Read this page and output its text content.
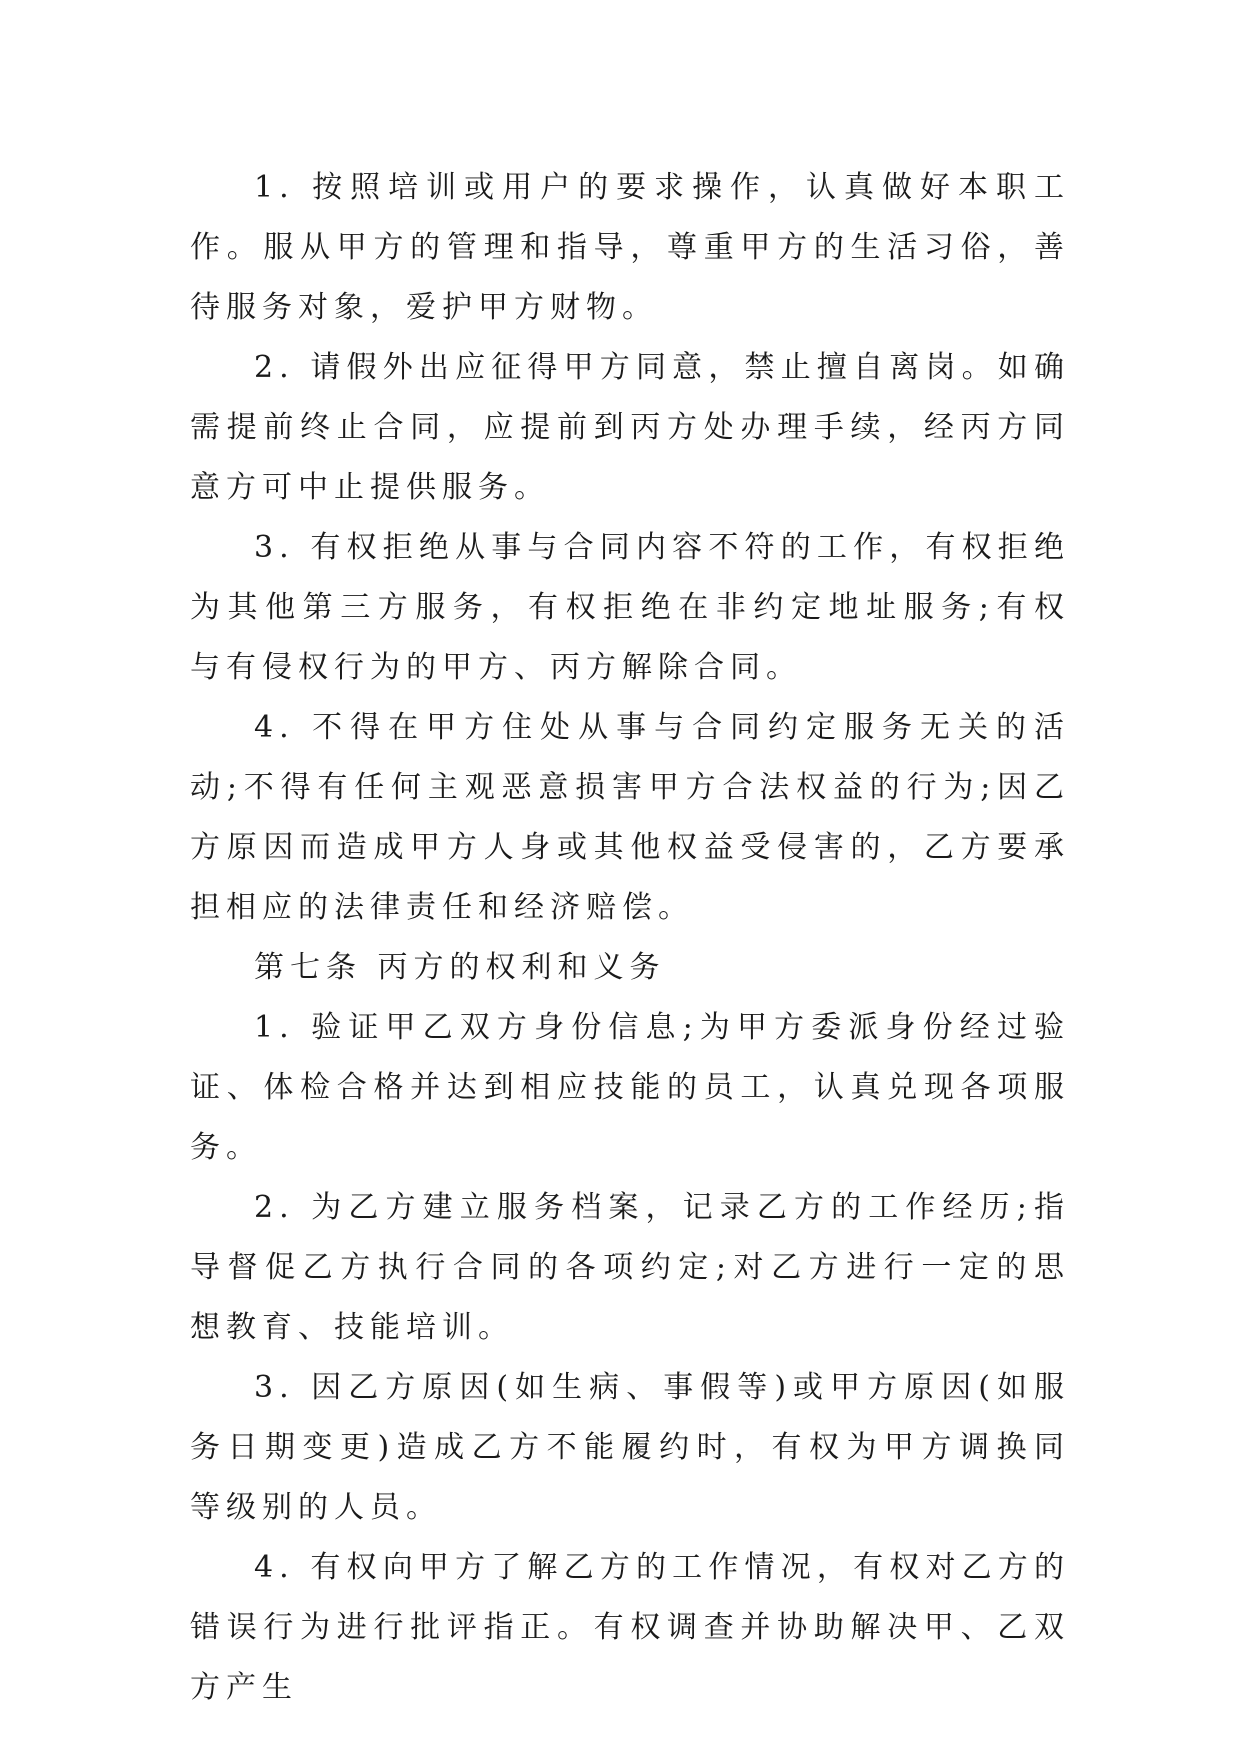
1. 按照培训或用户的要求操作，认真做好本职工作。服从甲方的管理和指导，尊重甲方的生活习俗，善待服务对象，爱护甲方财物。

2. 请假外出应征得甲方同意，禁止擅自离岗。如确需提前终止合同，应提前到丙方处办理手续，经丙方同意方可中止提供服务。

3. 有权拒绝从事与合同内容不符的工作，有权拒绝为其他第三方服务，有权拒绝在非约定地址服务;有权与有侵权行为的甲方、丙方解除合同。

4. 不得在甲方住处从事与合同约定服务无关的活动;不得有任何主观恶意损害甲方合法权益的行为;因乙方原因而造成甲方人身或其他权益受侵害的，乙方要承担相应的法律责任和经济赔偿。

第七条 丙方的权利和义务

1. 验证甲乙双方身份信息;为甲方委派身份经过验证、体检合格并达到相应技能的员工，认真兑现各项服务。

2. 为乙方建立服务档案，记录乙方的工作经历;指导督促乙方执行合同的各项约定;对乙方进行一定的思想教育、技能培训。

3. 因乙方原因(如生病、事假等)或甲方原因(如服务日期变更)造成乙方不能履约时，有权为甲方调换同等级别的人员。

4. 有权向甲方了解乙方的工作情况，有权对乙方的错误行为进行批评指正。有权调查并协助解决甲、乙双方产生
